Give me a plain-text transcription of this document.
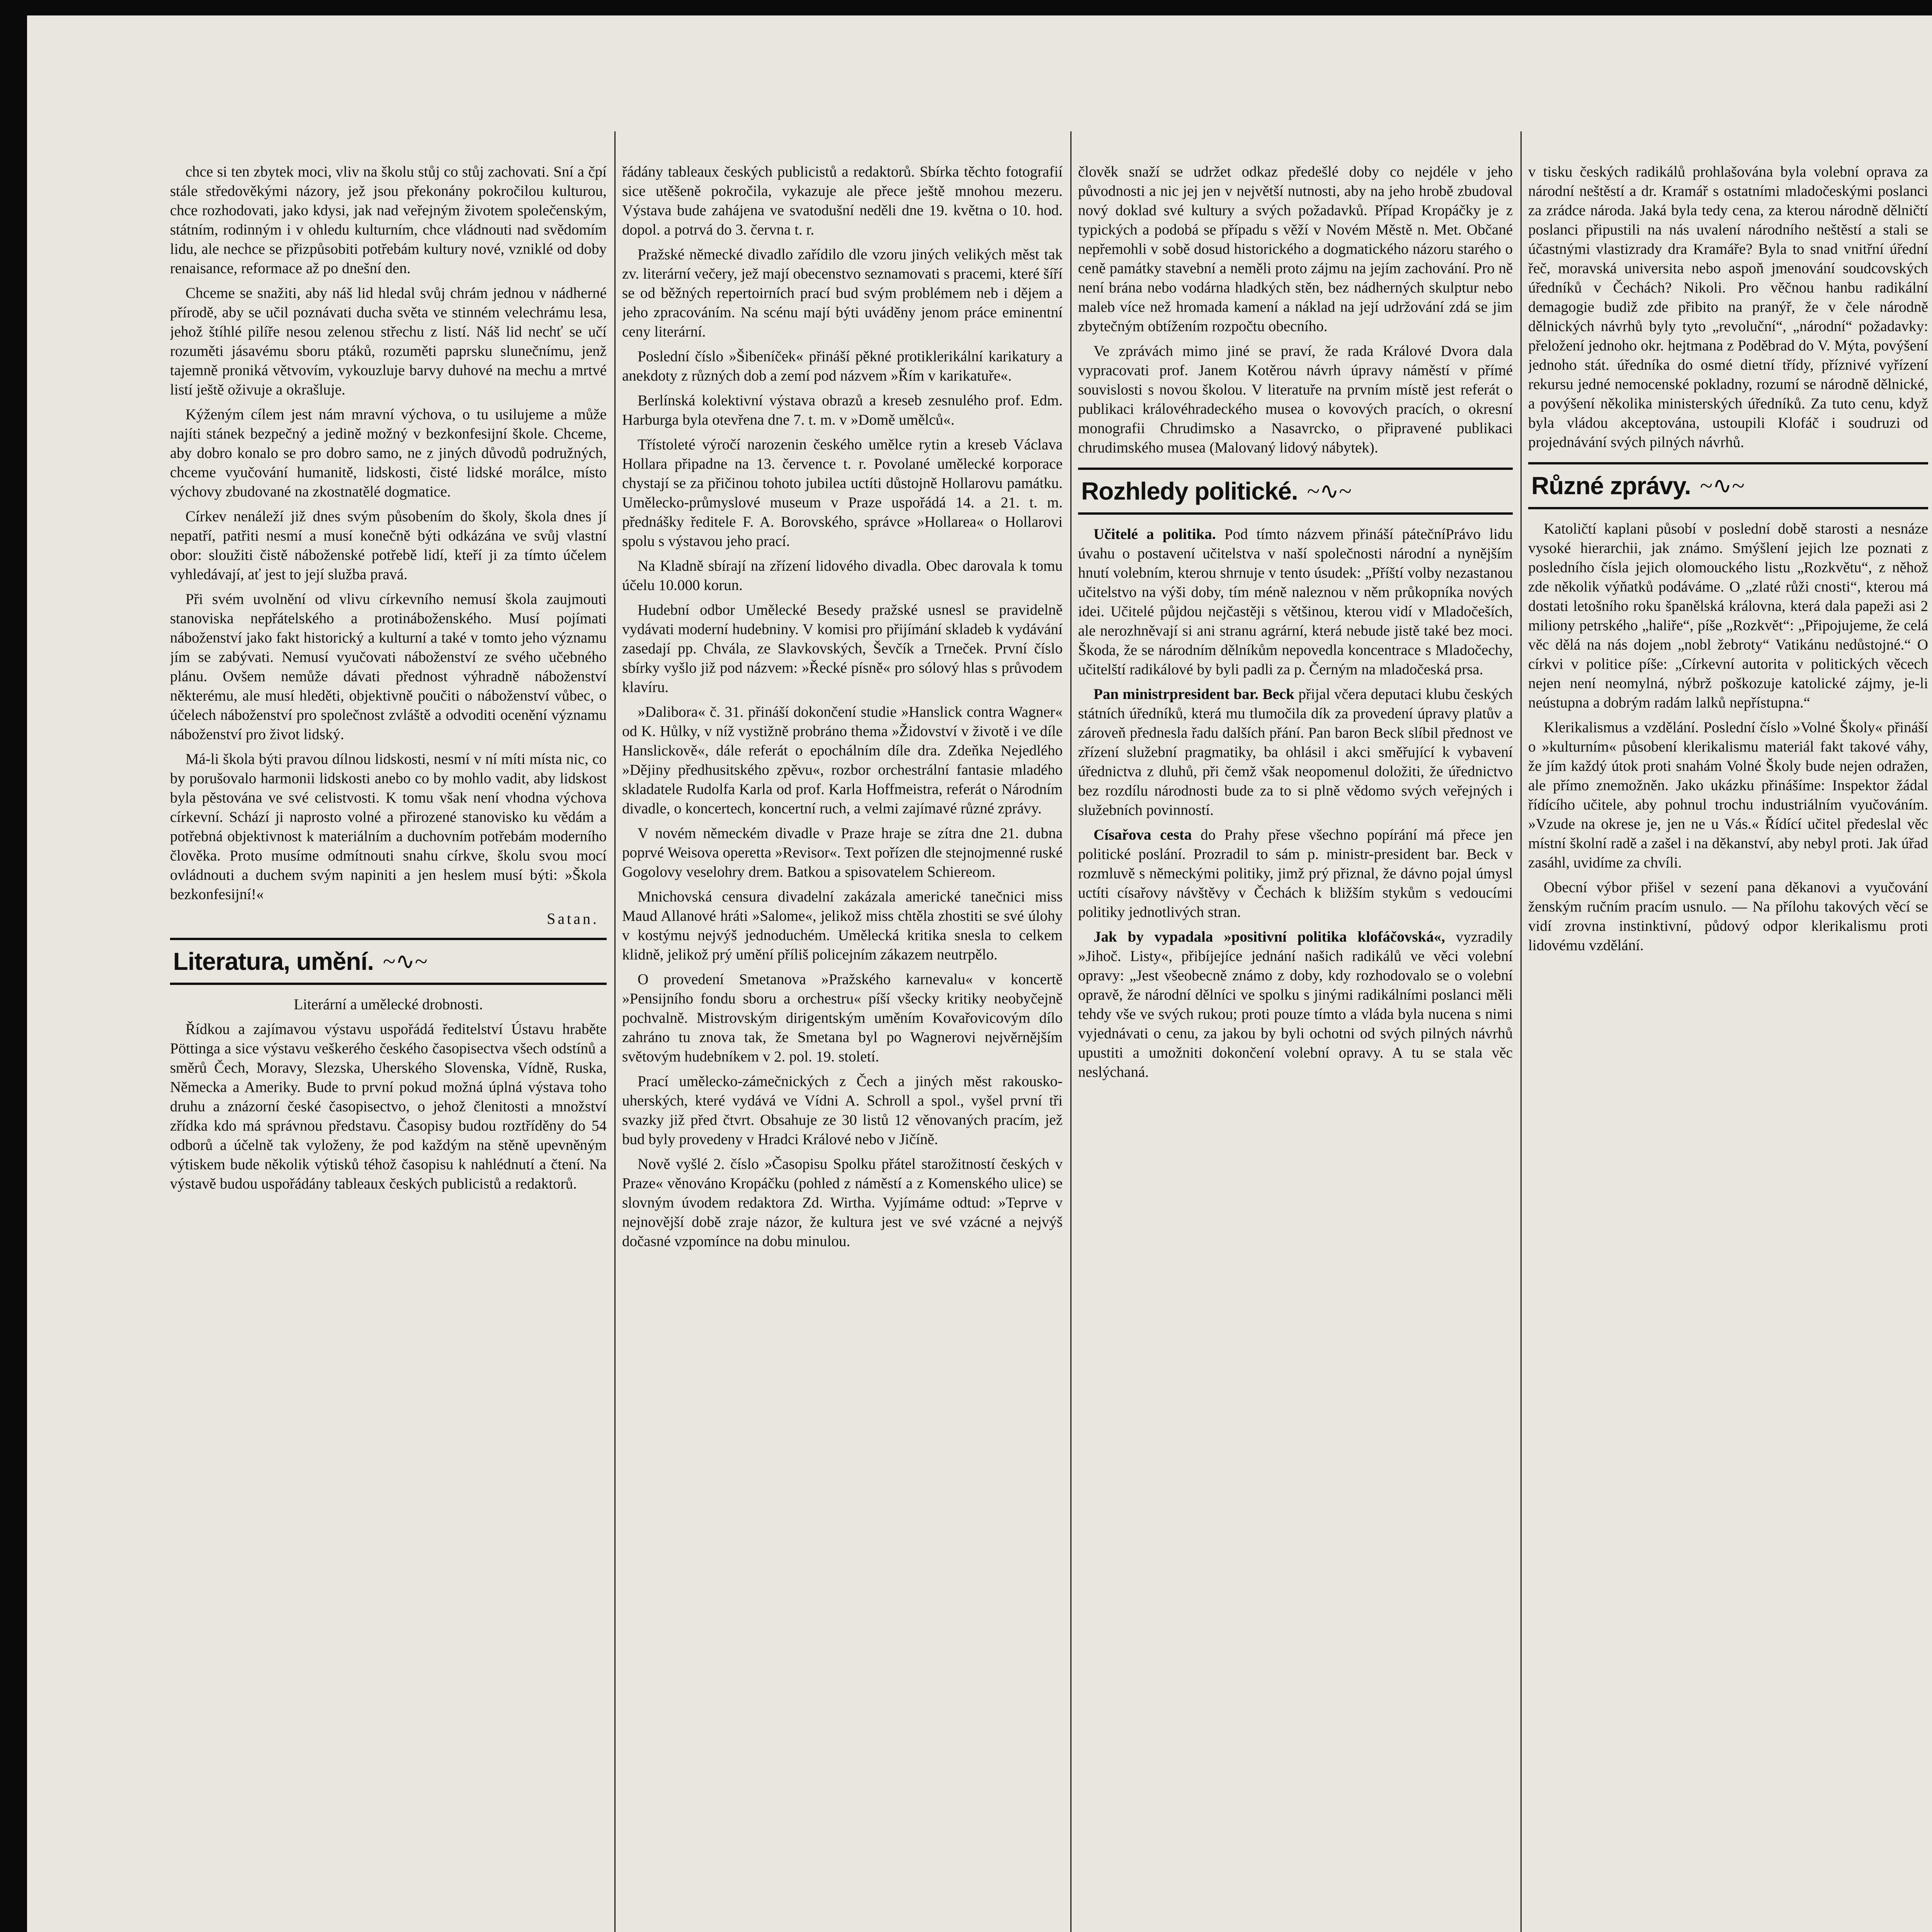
chce si ten zbytek moci, vliv na školu stůj co stůj zachovati. Sní a čpí stále středověkými názory, jež jsou překonány pokročilou kulturou, chce rozhodovati, jako kdysi, jak nad veřejným životem společenským, státním, rodinným i v ohledu kulturním, chce vládnouti nad svědomím lidu, ale nechce se přizpůsobiti potřebám kultury nové, vzniklé od doby renaisance, reformace až po dnešní den.

Chceme se snažiti, aby náš lid hledal svůj chrám jednou v nádherné přírodě, aby se učil poznávati ducha světa ve stinném velechrámu lesa, jehož štíhlé pilíře nesou zelenou střechu z listí. Náš lid nechť se učí rozuměti jásavému sboru ptáků, rozuměti paprsku slunečnímu, jenž tajemně proniká větvovím, vykouzluje barvy duhové na mechu a mrtvé listí ještě oživuje a okrašluje.

Kýženým cílem jest nám mravní výchova, o tu usilujeme a může najíti stánek bezpečný a jedině možný v bezkonfesijní škole. Chceme, aby dobro konalo se pro dobro samo, ne z jiných důvodů podružných, chceme vyučování humanitě, lidskosti, čisté lidské morálce, místo výchovy zbudované na zkostnatělé dogmatice.

Církev nenáleží již dnes svým působením do školy, škola dnes jí nepatří, patřiti nesmí a musí konečně býti odkázána ve svůj vlastní obor: sloužiti čistě náboženské potřebě lidí, kteří ji za tímto účelem vyhledávají, ať jest to její služba pravá.

Při svém uvolnění od vlivu církevního nemusí škola zaujmouti stanoviska nepřátelského a protináboženského. Musí pojímati náboženství jako fakt historický a kulturní a také v tomto jeho významu jím se zabývati. Nemusí vyučovati náboženství ze svého učebného plánu. Ovšem nemůže dávati přednost výhradně náboženství některému, ale musí hleděti, objektivně poučiti o náboženství vůbec, o účelech náboženství pro společnost zvláště a odvoditi ocenění významu náboženství pro život lidský.

Má-li škola býti pravou dílnou lidskosti, nesmí v ní míti místa nic, co by porušovalo harmonii lidskosti anebo co by mohlo vadit, aby lidskost byla pěstována ve své celistvosti. K tomu však není vhodna výchova církevní. Schází ji naprosto volné a přirozené stanovisko ku vědám a potřebná objektivnost k materiálním a duchovním potřebám moderního člověka. Proto musíme odmítnouti snahu církve, školu svou mocí ovládnouti a duchem svým napiniti a jen heslem musí býti: »Škola bezkonfesijní!«

Satan.
Literatura, umění. ~∿~

Literární a umělecké drobnosti.

Řídkou a zajímavou výstavu uspořádá ředitelství Ústavu hraběte Pöttinga a sice výstavu veškerého českého časopisectva všech odstínů a směrů Čech, Moravy, Slezska, Uherského Slovenska, Vídně, Ruska, Německa a Ameriky. Bude to první pokud možná úplná výstava toho druhu a znázorní české časopisectvo, o jehož členitosti a množství zřídka kdo má správnou představu. Časopisy budou roztříděny do 54 odborů a účelně tak vyloženy, že pod každým na stěně upevněným výtiskem bude několik výtisků téhož časopisu k nahlédnutí a čtení. Na výstavě budou uspořádány tableaux českých publicistů a redaktorů.

řádány tableaux českých publicistů a redaktorů. Sbírka těchto fotografií sice utěšeně pokročila, vykazuje ale přece ještě mnohou mezeru. Výstava bude zahájena ve svatodušní neděli dne 19. května o 10. hod. dopol. a potrvá do 3. června t. r.

Pražské německé divadlo zařídilo dle vzoru jiných velikých měst tak zv. literární večery, jež mají obecenstvo seznamovati s pracemi, které šíří se od běžných repertoirních prací bud svým problémem neb i dějem a jeho zpracováním. Na scénu mají býti uváděny jenom práce eminentní ceny literární.

Poslední číslo »Šibeníček« přináší pěkné protiklerikální karikatury a anekdoty z různých dob a zemí pod názvem »Řím v karikatuře«.

Berlínská kolektivní výstava obrazů a kreseb zesnulého prof. Edm. Harburga byla otevřena dne 7. t. m. v »Domě umělců«.

Třístoleté výročí narozenin českého umělce rytin a kreseb Václava Hollara připadne na 13. července t. r. Povolané umělecké korporace chystají se za přičinou tohoto jubilea uctíti důstojně Hollarovu památku. Umělecko-průmyslové museum v Praze uspořádá 14. a 21. t. m. přednášky ředitele F. A. Borovského, správce »Hollarea« o Hollarovi spolu s výstavou jeho prací.

Na Kladně sbírají na zřízení lidového divadla. Obec darovala k tomu účelu 10.000 korun.

Hudební odbor Umělecké Besedy pražské usnesl se pravidelně vydávati moderní hudebniny. V komisi pro přijímání skladeb k vydávání zasedají pp. Chvála, ze Slavkovských, Ševčík a Trneček. První číslo sbírky vyšlo již pod názvem: »Řecké písně« pro sólový hlas s průvodem klavíru.

»Dalibora« č. 31. přináší dokončení studie »Hanslick contra Wagner« od K. Hůlky, v níž vystižně probráno thema »Židovství v životě i ve díle Hanslickově«, dále referát o epochálním díle dra. Zdeňka Nejedlého »Dějiny předhusitského zpěvu«, rozbor orchestrální fantasie mladého skladatele Rudolfa Karla od prof. Karla Hoffmeistra, referát o Národním divadle, o koncertech, koncertní ruch, a velmi zajímavé různé zprávy.

V novém německém divadle v Praze hraje se zítra dne 21. dubna poprvé Weisova operetta »Revisor«. Text pořízen dle stejnojmenné ruské Gogolovy veselohry drem. Batkou a spisovatelem Schiereom.

Mnichovská censura divadelní zakázala americké tanečnici miss Maud Allanové hráti »Salome«, jelikož miss chtěla zhostiti se své úlohy v kostýmu nejvýš jednoduchém. Umělecká kritika snesla to celkem klidně, jelikož prý umění příliš policejním zákazem neutrpělo.

O provedení Smetanova »Pražského karnevalu« v koncertě »Pensijního fondu sboru a orchestru« píší všecky kritiky neobyčejně pochvalně. Mistrovským dirigentským uměním Kovařovicovým dílo zahráno tu znova tak, že Smetana byl po Wagnerovi nejvěrnějším světovým hudebníkem v 2. pol. 19. století.

Prací umělecko-zámečnických z Čech a jiných měst rakousko-uherských, které vydává ve Vídni A. Schroll a spol., vyšel první tři svazky již před čtvrt. Obsahuje ze 30 listů 12 věnovaných pracím, jež bud byly provedeny v Hradci Králové nebo v Jičíně.

Nově vyšlé 2. číslo »Časopisu Spolku přátel starožitností českých v Praze« věnováno Kropáčku (pohled z náměstí a z Komenského ulice) se slovným úvodem redaktora Zd. Wirtha. Vyjímáme odtud: »Teprve v nejnovější době zraje názor, že kultura jest ve své vzácné a nejvýš dočasné vzpomínce na dobu minulou.

člověk snaží se udržet odkaz předešlé doby co nejdéle v jeho původnosti a nic jej jen v největší nutnosti, aby na jeho hrobě zbudoval nový doklad své kultury a svých požadavků. Případ Kropáčky je z typických a podobá se případu s věží v Novém Městě n. Met. Občané nepřemohli v sobě dosud historického a dogmatického názoru starého o ceně památky stavební a neměli proto zájmu na jejím zachování. Pro ně není brána nebo vodárna hladkých stěn, bez nádherných skulptur nebo maleb více než hromada kamení a náklad na její udržování zdá se jim zbytečným obtížením rozpočtu obecního.

Ve zprávách mimo jiné se praví, že rada Králové Dvora dala vypracovati prof. Janem Kotěrou návrh úpravy náměstí v přímé souvislosti s novou školou. V literatuře na prvním místě jest referát o publikaci královéhradeckého musea o kovových pracích, o okresní monografii Chrudimsko a Nasavrcko, o připravené publikaci chrudimského musea (Malovaný lidový nábytek).

Rozhledy politické. ~∿~

Učitelé a politika. Pod tímto názvem přináší pátečníPrávo lidu úvahu o postavení učitelstva v naší společnosti národní a nynějším hnutí volebním, kterou shrnuje v tento úsudek: „Příští volby nezastanou učitelstvo na výši doby, tím méně naleznou v něm průkopníka nových idei. Učitelé půjdou nejčastěji s většinou, kterou vidí v Mladočeších, ale nerozhněvají si ani stranu agrární, která nebude jistě také bez moci. Škoda, že se národním dělníkům nepovedla koncentrace s Mladočechy, učitelští radikálové by byli padli za p. Černým na mladočeská prsa.

Pan ministrpresident bar. Beck přijal včera deputaci klubu českých státních úředníků, která mu tlumočila dík za provedení úpravy platův a zároveň přednesla řadu dalších přání. Pan baron Beck slíbil přednost ve zřízení služební pragmatiky, ba ohlásil i akci směřující k vybavení úřednictva z dluhů, při čemž však neopomenul doložiti, že úřednictvo bez rozdílu národnosti bude za to si plně vědomo svých veřejných i služebních povinností.

Císařova cesta do Prahy přese všechno popírání má přece jen politické poslání. Prozradil to sám p. ministr-president bar. Beck v rozmluvě s německými politiky, jimž prý přiznal, že dávno pojal úmysl uctíti císařovy návštěvy v Čechách k bližším stykům s vedoucími politiky jednotlivých stran.

Jak by vypadala »positivní politika klofáčovská«, vyzradily »Jihoč. Listy«, přibíjejíce jednání našich radikálů ve věci volební opravy: „Jest všeobecně známo z doby, kdy rozhodovalo se o volební opravě, že národní dělníci ve spolku s jinými radikálními poslanci měli tehdy vše ve svých rukou; proti pouze tímto a vláda byla nucena s nimi vyjednávati o cenu, za jakou by byli ochotni od svých pilných návrhů upustiti a umožniti dokončení volební opravy. A tu se stala věc neslýchaná.

v tisku českých radikálů prohlašována byla volební oprava za národní neštěstí a dr. Kramář s ostatními mladočeskými poslanci za zrádce národa. Jaká byla tedy cena, za kterou národně dělničtí poslanci připustili na nás uvalení národního neštěstí a stali se účastnými vlastizrady dra Kramáře? Byla to snad vnitřní úřední řeč, moravská universita nebo aspoň jmenování soudcovských úředníků v Čechách? Nikoli. Pro věčnou hanbu radikální demagogie budiž zde přibito na pranýř, že v čele národně dělnických návrhů byly tyto „revoluční“, „národní“ požadavky: přeložení jednoho okr. hejtmana z Poděbrad do V. Mýta, povýšení jednoho stát. úředníka do osmé dietní třídy, příznivé vyřízení rekursu jedné nemocenské pokladny, rozumí se národně dělnické, a povýšení několika ministerských úředníků. Za tuto cenu, když byla vládou akceptována, ustoupili Klofáč i soudruzi od projednávání svých pilných návrhů.

Různé zprávy. ~∿~

Katoličtí kaplani působí v poslední době starosti a nesnáze vysoké hierarchii, jak známo. Smýšlení jejich lze poznati z posledního čísla jejich olomouckého listu „Rozkvětu“, z něhož zde několik výňatků podáváme. O „zlaté růži cnosti“, kterou má dostati letošního roku španělská královna, která dala papeži asi 2 miliony petrského „haliře“, píše „Rozkvět“: „Připojujeme, že celá věc dělá na nás dojem „nobl žebroty“ Vatikánu nedůstojné.“ O církvi v politice píše: „Církevní autorita v politických věcech nejen není neomylná, nýbrž poškozuje katolické zájmy, je-li neústupna a dobrým radám lalků nepřístupna.“

Klerikalismus a vzdělání. Poslední číslo »Volné Školy« přináší o »kulturním« působení klerikalismu materiál fakt takové váhy, že jím každý útok proti snahám Volné Školy bude nejen odražen, ale přímo znemožněn. Jako ukázku přinášíme: Inspektor žádal řídícího učitele, aby pohnul trochu industriálním vyučováním. »Vzude na okrese je, jen ne u Vás.« Řídící učitel předeslal věc místní školní radě a zašel i na děkanství, aby nebyl proti. Jak úřad zasáhl, uvidíme za chvíli.

Obecní výbor přišel v sezení pana děkanovi a vyučování ženským ručním pracím usnulo. — Na přílohu takových věcí se vidí zrovna instinktivní, půdový odpor klerikalismu proti lidovému vzdělání.
